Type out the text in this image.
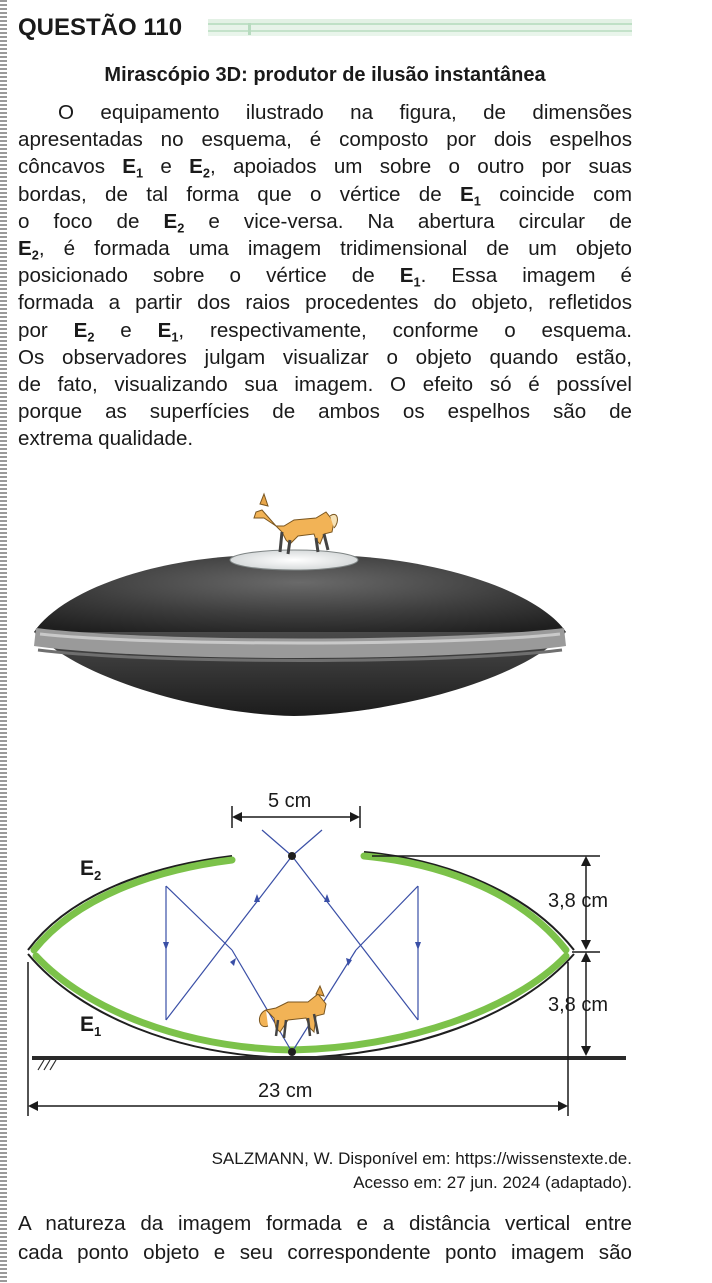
QUESTÃO 110
Mirascópio 3D: produtor de ilusão instantânea
O equipamento ilustrado na figura, de dimensões
apresentadas no esquema, é composto por dois espelhos
côncavos $E_1$ e $E_2$, apoiados um sobre o outro por suas
bordas, de tal forma que o vértice de $E_1$ coincide com
o foco de $E_2$ e vice-versa. Na abertura circular de
$E_2$, é formada uma imagem tridimensional de um objeto
posicionado sobre o vértice de $E_1$. Essa imagem é
formada a partir dos raios procedentes do objeto, refletidos
por $E_2$ e $E_1$, respectivamente, conforme o esquema.
Os observadores julgam visualizar o objeto quando estão,
de fato, visualizando sua imagem. O efeito só é possível
porque as superfícies de ambos os espelhos são de
extrema qualidade.
5 cm
3,8 cm
3,8 cm
23 cm
$E_2$
$E_1$
SALZMANN, W. Disponível em: https://wissenstexte.de.
Acesso em: 27 jun. 2024 (adaptado).
A natureza da imagem formada e a distância vertical entre
cada ponto objeto e seu correspondente ponto imagem são
